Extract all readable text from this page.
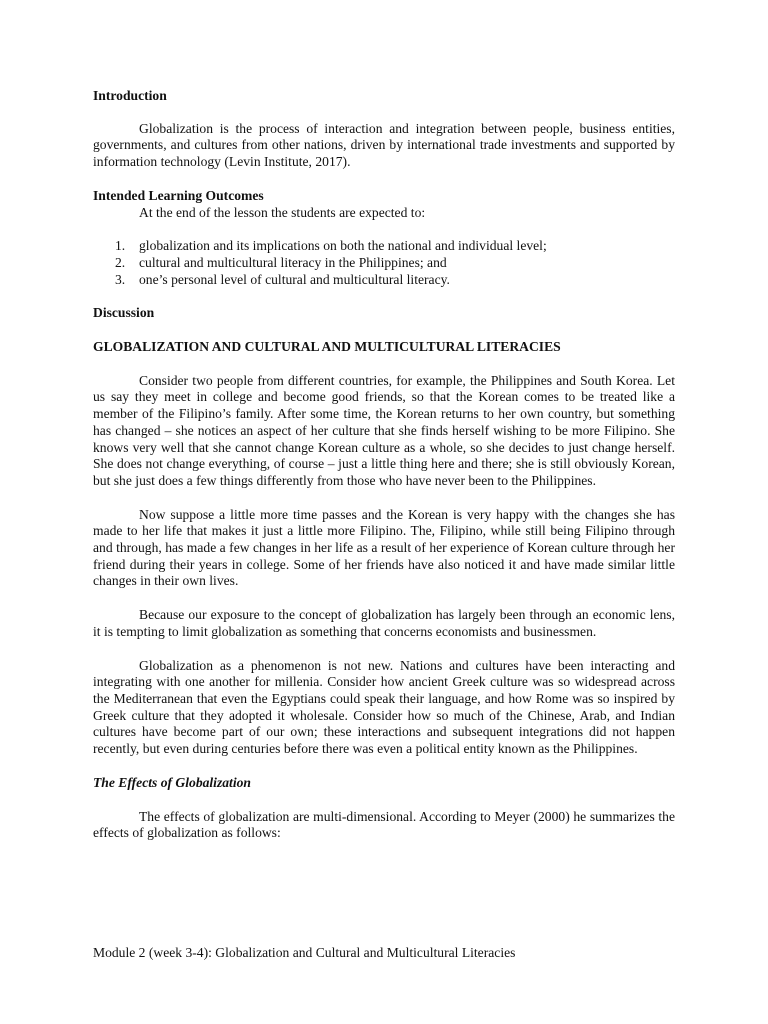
Introduction

Globalization is the process of interaction and integration between people, business entities, governments, and cultures from other nations, driven by international trade investments and supported by information technology (Levin Institute, 2017).

Intended Learning Outcomes

At the end of the lesson the students are expected to:

1. globalization and its implications on both the national and individual level;
2. cultural and multicultural literacy in the Philippines; and
3. one’s personal level of cultural and multicultural literacy.

Discussion

GLOBALIZATION AND CULTURAL AND MULTICULTURAL LITERACIES

Consider two people from different countries, for example, the Philippines and South Korea. Let us say they meet in college and become good friends, so that the Korean comes to be treated like a member of the Filipino’s family. After some time, the Korean returns to her own country, but something has changed – she notices an aspect of her culture that she finds herself wishing to be more Filipino. She knows very well that she cannot change Korean culture as a whole, so she decides to just change herself. She does not change everything, of course – just a little thing here and there; she is still obviously Korean, but she just does a few things differently from those who have never been to the Philippines.

Now suppose a little more time passes and the Korean is very happy with the changes she has made to her life that makes it just a little more Filipino. The, Filipino, while still being Filipino through and through, has made a few changes in her life as a result of her experience of Korean culture through her friend during their years in college. Some of her friends have also noticed it and have made similar little changes in their own lives.

Because our exposure to the concept of globalization has largely been through an economic lens, it is tempting to limit globalization as something that concerns economists and businessmen.

Globalization as a phenomenon is not new. Nations and cultures have been interacting and integrating with one another for millenia. Consider how ancient Greek culture was so widespread across the Mediterranean that even the Egyptians could speak their language, and how Rome was so inspired by Greek culture that they adopted it wholesale. Consider how so much of the Chinese, Arab, and Indian cultures have become part of our own; these interactions and subsequent integrations did not happen recently, but even during centuries before there was even a political entity known as the Philippines.

The Effects of Globalization

The effects of globalization are multi-dimensional. According to Meyer (2000) he summarizes the effects of globalization as follows:

Module 2 (week 3-4): Globalization and Cultural and Multicultural Literacies
